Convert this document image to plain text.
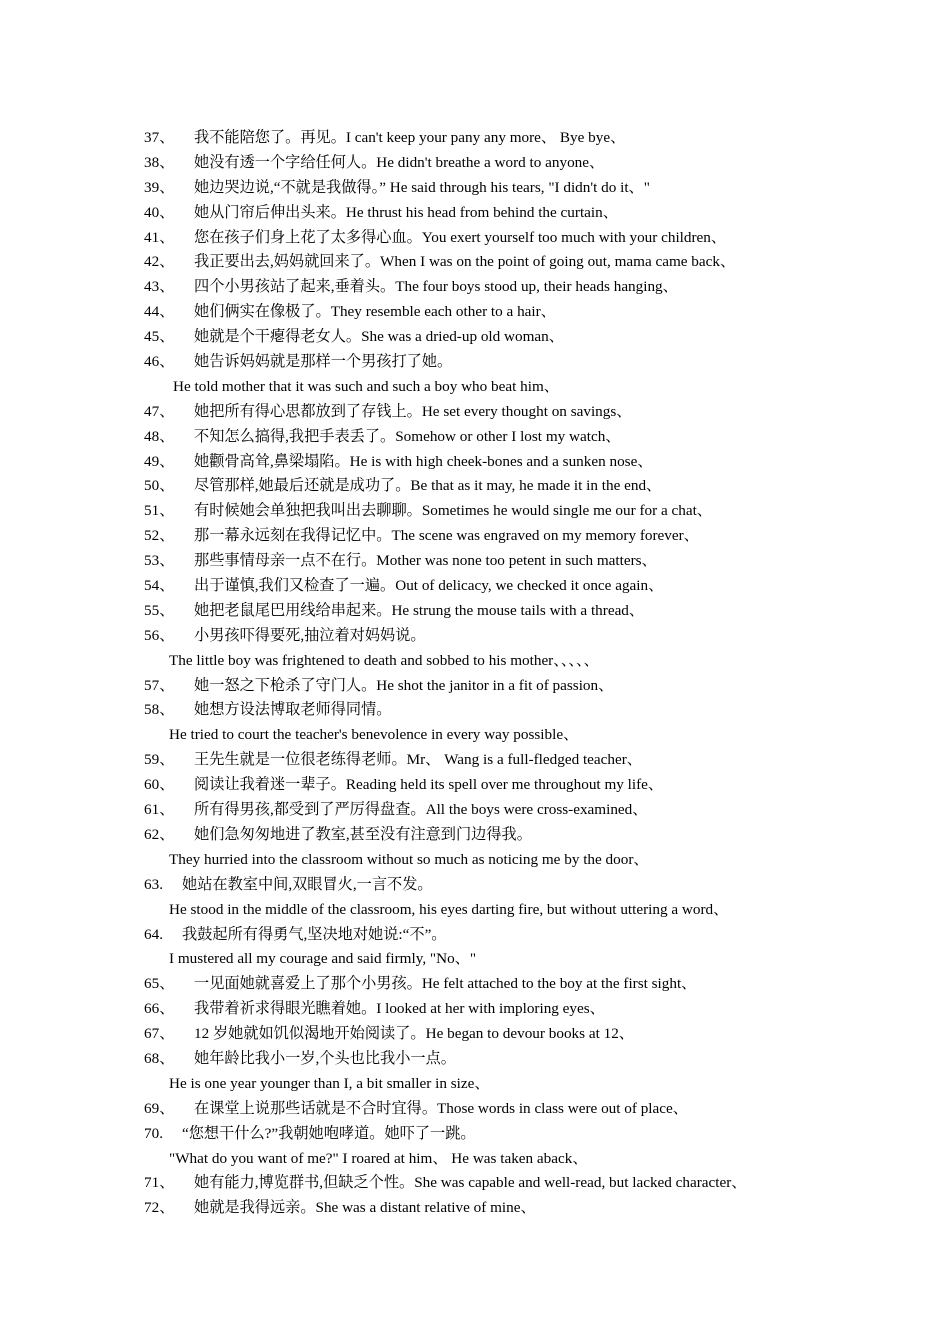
37、 我不能陪您了。再见。I can't keep your pany any more、 Bye bye、
38、 她没有透一个字给任何人。He didn't breathe a word to anyone、
39、 她边哭边说,“不就是我做得。” He said through his tears, "I didn't do it、"
40、 她从门帘后伸出头来。He thrust his head from behind the curtain、
41、 您在孩子们身上花了太多得心血。You exert yourself too much with your children、
42、 我正要出去,妈妈就回来了。When I was on the point of going out, mama came back、
43、 四个小男孩站了起来,垂着头。The four boys stood up, their heads hanging、
44、 她们俩实在像极了。They resemble each other to a hair、
45、 她就是个干瘪得老女人。She was a dried-up old woman、
46、 她告诉妈妈就是那样一个男孩打了她。
He told mother that it was such and such a boy who beat him、
47、 她把所有得心思都放到了存钱上。He set every thought on savings、
48、 不知怎么搞得,我把手表丢了。Somehow or other I lost my watch、
49、 她颧骨高耸,鼻梁塌陷。He is with high cheek-bones and a sunken nose、
50、 尽管那样,她最后还就是成功了。Be that as it may, he made it in the end、
51、 有时候她会单独把我叫出去聊聊。Sometimes he would single me our for a chat、
52、 那一幕永远刻在我得记忆中。The scene was engraved on my memory forever、
53、 那些事情母亲一点不在行。Mother was none too petent in such matters、
54、 出于谨慎,我们又检查了一遍。Out of delicacy, we checked it once again、
55、 她把老鼠尾巴用线给串起来。He strung the mouse tails with a thread、
56、 小男孩吓得要死,抽泣着对妈妈说。
The little boy was frightened to death and sobbed to his mother、、、、、
57、 她一怒之下枪杀了守门人。He shot the janitor in a fit of passion、
58、 她想方设法博取老师得同情。
He tried to court the teacher's benevolence in every way possible、
59、 王先生就是一位很老练得老师。Mr、 Wang is a full-fledged teacher、
60、 阅读让我着迷一辈子。Reading held its spell over me throughout my life、
61、 所有得男孩,都受到了严厉得盘查。All the boys were cross-examined、
62、 她们急匆匆地进了教室,甚至没有注意到门边得我。
They hurried into the classroom without so much as noticing me by the door、
63. 她站在教室中间,双眼冒火,一言不发。
He stood in the middle of the classroom, his eyes darting fire, but without uttering a word、
64. 我鼓起所有得勇气,坚决地对她说:“不”。
I mustered all my courage and said firmly, "No、"
65、 一见面她就喜爱上了那个小男孩。He felt attached to the boy at the first sight、
66、 我带着祈求得眼光瞧着她。I looked at her with imploring eyes、
67、 12 岁她就如饥似渴地开始阅读了。He began to devour books at 12、
68、 她年龄比我小一岁,个头也比我小一点。
He is one year younger than I, a bit smaller in size、
69、 在课堂上说那些话就是不合时宜得。Those words in class were out of place、
70. “您想干什么?”我朝她咆哮道。她吓了一跳。
"What do you want of me?" I roared at him、 He was taken aback、
71、 她有能力,博览群书,但缺乏个性。She was capable and well-read, but lacked character、
72、 她就是我得远亲。She was a distant relative of mine、
